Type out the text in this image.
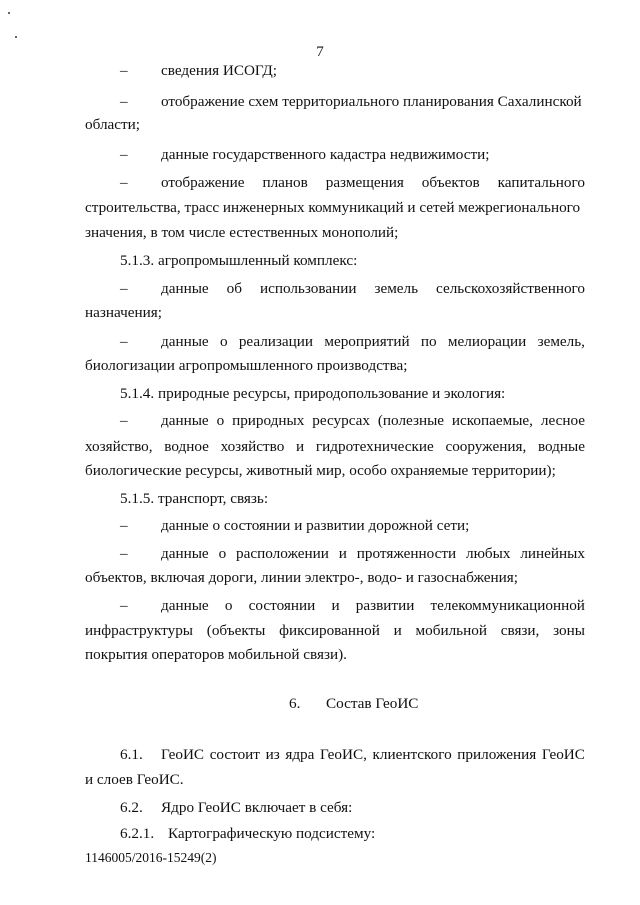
7
– сведения ИСОГД;
– отображение схем территориального планирования Сахалинской
области;
– данные государственного кадастра недвижимости;
– отображение планов размещения объектов капитального
строительства, трасс инженерных коммуникаций и сетей межрегионального
значения, в том числе естественных монополий;
5.1.3. агропромышленный комплекс:
– данные об использовании земель сельскохозяйственного
назначения;
– данные о реализации мероприятий по мелиорации земель,
биологизации агропромышленного производства;
5.1.4. природные ресурсы, природопользование и экология:
– данные о природных ресурсах (полезные ископаемые, лесное
хозяйство, водное хозяйство и гидротехнические сооружения, водные
биологические ресурсы, животный мир, особо охраняемые территории);
5.1.5. транспорт, связь:
– данные о состоянии и развитии дорожной сети;
– данные о расположении и протяженности любых линейных
объектов, включая дороги, линии электро-, водо- и газоснабжения;
– данные о состоянии и развитии телекоммуникационной
инфраструктуры (объекты фиксированной и мобильной связи, зоны
покрытия операторов мобильной связи).
6. Состав ГеоИС
6.1. ГеоИС состоит из ядра ГеоИС, клиентского приложения ГеоИС
и слоев ГеоИС.
6.2. Ядро ГеоИС включает в себя:
6.2.1. Картографическую подсистему:
1146005/2016-15249(2)
